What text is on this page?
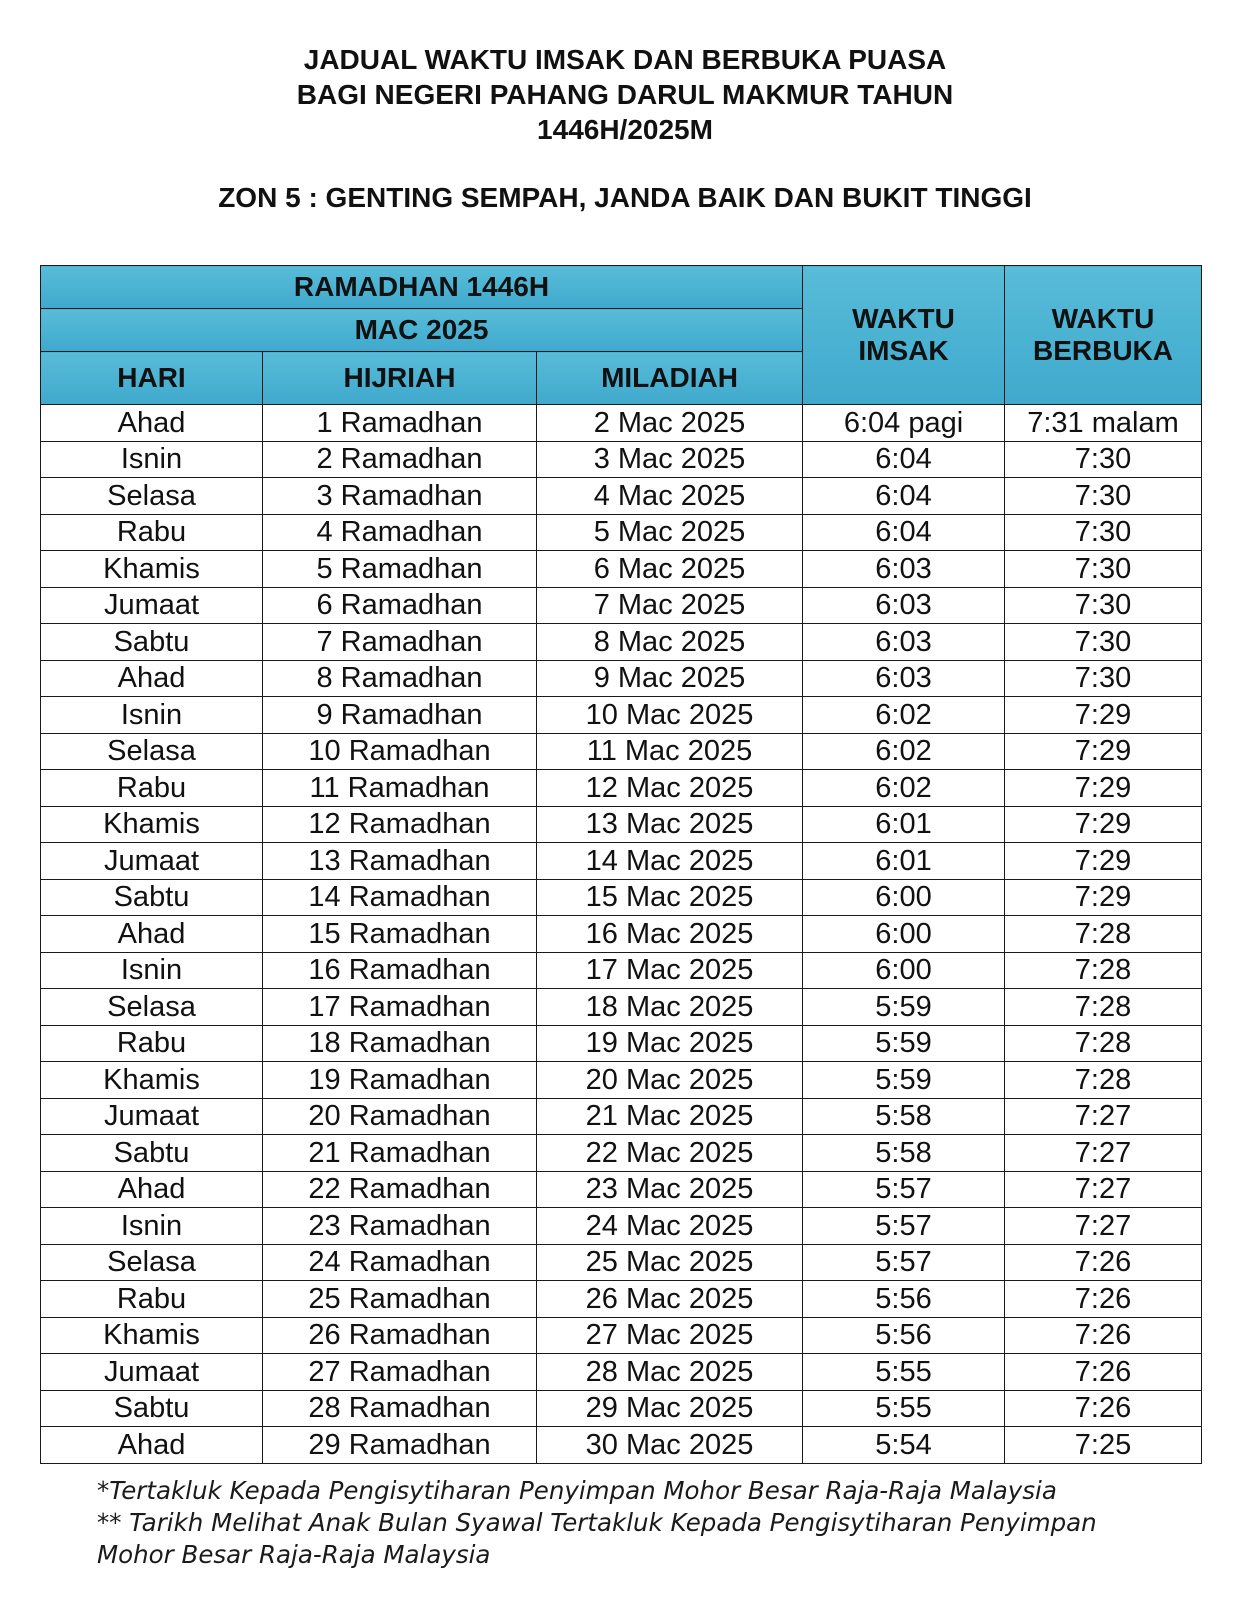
JADUAL WAKTU IMSAK DAN BERBUKA PUASA
BAGI NEGERI PAHANG DARUL MAKMUR TAHUN
1446H/2025M
ZON 5 : GENTING SEMPAH, JANDA BAIK DAN BUKIT TINGGI
RAMADHAN 1446H			WAKTU IMSAK	WAKTU BERBUKA
MAC 2025				
HARI	HIJRIAH	MILADIAH		
Ahad	1 Ramadhan	2 Mac 2025	6:04 pagi	7:31 malam
Isnin	2 Ramadhan	3 Mac 2025	6:04	7:30
Selasa	3 Ramadhan	4 Mac 2025	6:04	7:30
Rabu	4 Ramadhan	5 Mac 2025	6:04	7:30
Khamis	5 Ramadhan	6 Mac 2025	6:03	7:30
Jumaat	6 Ramadhan	7 Mac 2025	6:03	7:30
Sabtu	7 Ramadhan	8 Mac 2025	6:03	7:30
Ahad	8 Ramadhan	9 Mac 2025	6:03	7:30
Isnin	9 Ramadhan	10 Mac 2025	6:02	7:29
Selasa	10 Ramadhan	11 Mac 2025	6:02	7:29
Rabu	11 Ramadhan	12 Mac 2025	6:02	7:29
Khamis	12 Ramadhan	13 Mac 2025	6:01	7:29
Jumaat	13 Ramadhan	14 Mac 2025	6:01	7:29
Sabtu	14 Ramadhan	15 Mac 2025	6:00	7:29
Ahad	15 Ramadhan	16 Mac 2025	6:00	7:28
Isnin	16 Ramadhan	17 Mac 2025	6:00	7:28
Selasa	17 Ramadhan	18 Mac 2025	5:59	7:28
Rabu	18 Ramadhan	19 Mac 2025	5:59	7:28
Khamis	19 Ramadhan	20 Mac 2025	5:59	7:28
Jumaat	20 Ramadhan	21 Mac 2025	5:58	7:27
Sabtu	21 Ramadhan	22 Mac 2025	5:58	7:27
Ahad	22 Ramadhan	23 Mac 2025	5:57	7:27
Isnin	23 Ramadhan	24 Mac 2025	5:57	7:27
Selasa	24 Ramadhan	25 Mac 2025	5:57	7:26
Rabu	25 Ramadhan	26 Mac 2025	5:56	7:26
Khamis	26 Ramadhan	27 Mac 2025	5:56	7:26
Jumaat	27 Ramadhan	28 Mac 2025	5:55	7:26
Sabtu	28 Ramadhan	29 Mac 2025	5:55	7:26
Ahad	29 Ramadhan	30 Mac 2025	5:54	7:25
*Tertakluk Kepada Pengisytiharan Penyimpan Mohor Besar Raja-Raja Malaysia
** Tarikh Melihat Anak Bulan Syawal Tertakluk Kepada Pengisytiharan Penyimpan
Mohor Besar Raja-Raja Malaysia
